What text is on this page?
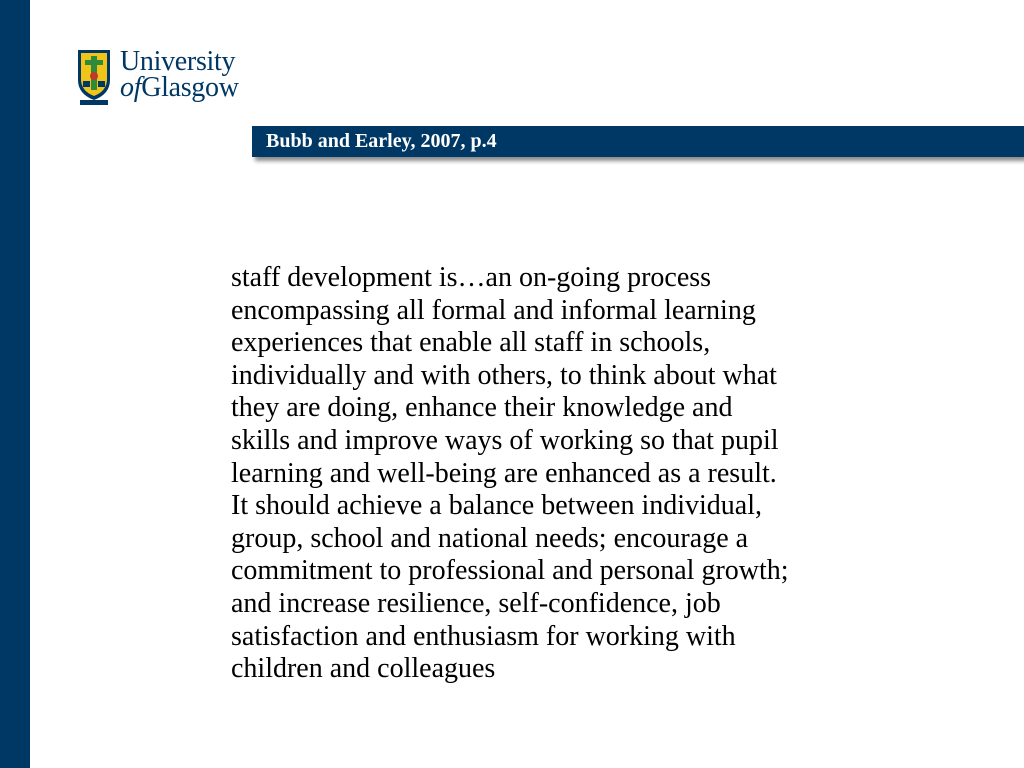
University
ofGlasgow
Bubb and Earley, 2007, p.4
staff development is…an on-going process
encompassing all formal and informal learning
experiences that enable all staff in schools,
individually and with others, to think about what
they are doing, enhance their knowledge and
skills and improve ways of working so that pupil
learning and well-being are enhanced as a result.
It should achieve a balance between individual,
group, school and national needs; encourage a
commitment to professional and personal growth;
and increase resilience, self-confidence, job
satisfaction and enthusiasm for working with
children and colleagues
